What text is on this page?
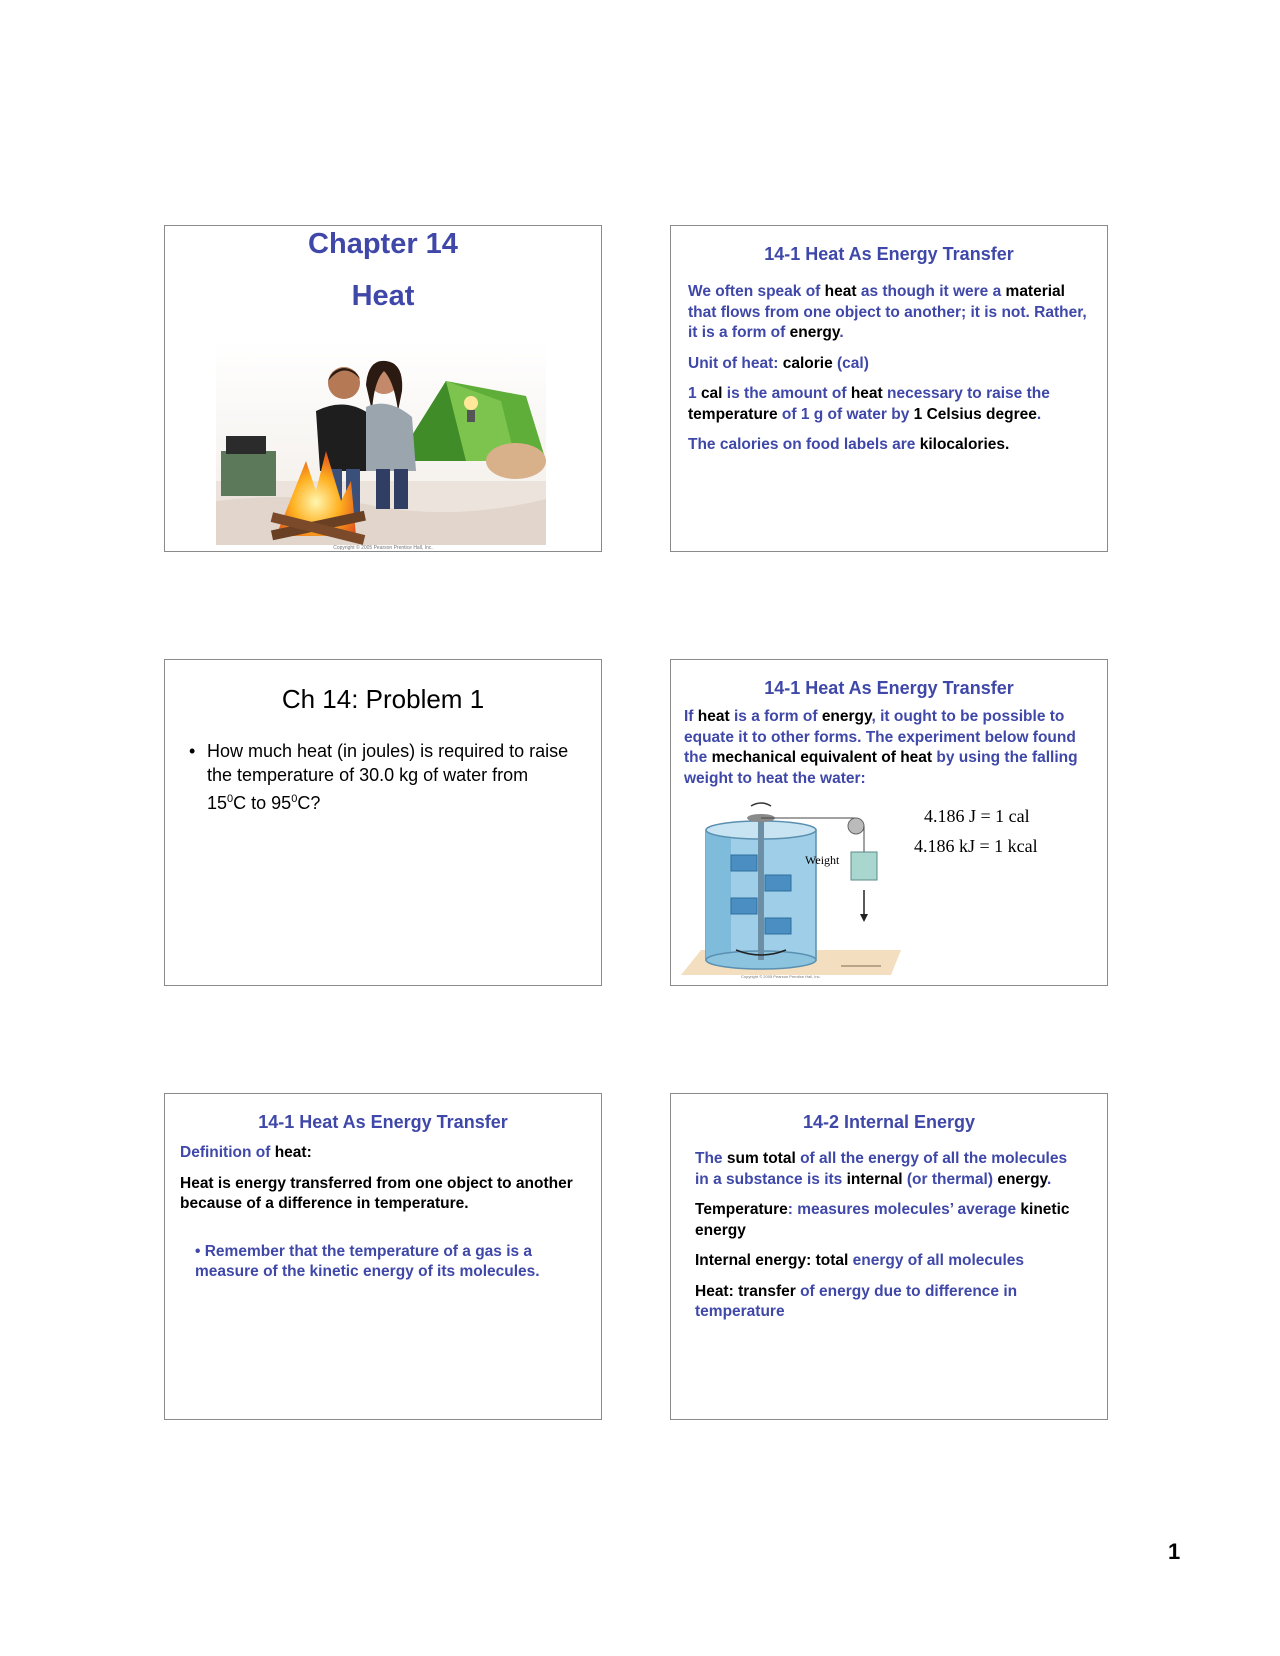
Chapter 14
Heat
Copyright © 2005 Pearson Prentice Hall, Inc.
14-1 Heat As Energy Transfer

We often speak of heat as though it were a material that flows from one object to another; it is not. Rather, it is a form of energy.

Unit of heat: calorie (cal)

1 cal is the amount of heat necessary to raise the temperature of 1 g of water by 1 Celsius degree.

The calories on food labels are kilocalories.

Ch 14: Problem 1
• How much heat (in joules) is required to raise the temperature of 30.0 kg of water from $15^0C$ to $95^0C$?
14-1 Heat As Energy Transfer

If heat is a form of energy, it ought to be possible to equate it to other forms. The experiment below found the mechanical equivalent of heat by using the falling weight to heat the water:

4.186 J = 1 cal
4.186 kJ = 1 kcal
Weight
Copyright © 2005 Pearson Prentice Hall, Inc.
14-1 Heat As Energy Transfer

Definition of heat:

Heat is energy transferred from one object to another because of a difference in temperature.

• Remember that the temperature of a gas is a measure of the kinetic energy of its molecules.

14-2 Internal Energy

The sum total of all the energy of all the molecules in a substance is its internal (or thermal) energy.

Temperature: measures molecules’ average kinetic energy

Internal energy: total energy of all molecules

Heat: transfer of energy due to difference in temperature

1
